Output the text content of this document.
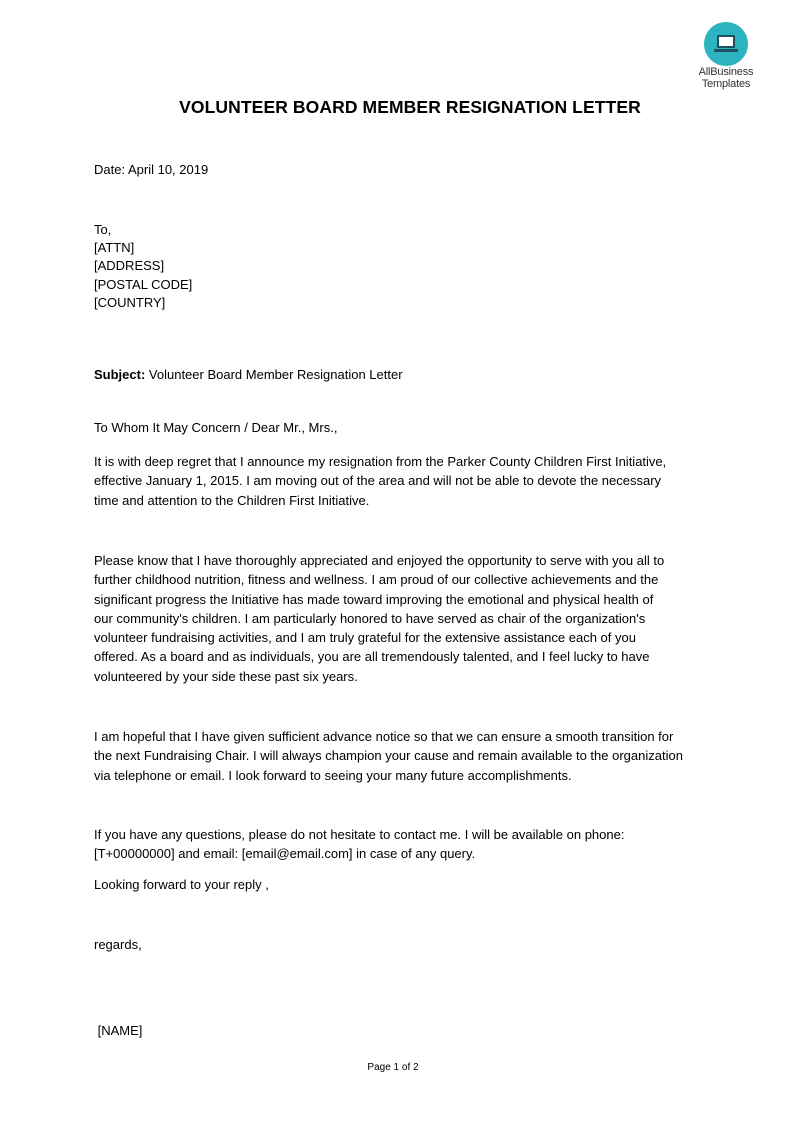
AllBusiness
Templates
VOLUNTEER BOARD MEMBER RESIGNATION LETTER
Date: April 10, 2019
To,
[ATTN]
[ADDRESS]
[POSTAL CODE]
[COUNTRY]
Subject: Volunteer Board Member Resignation Letter
To Whom It May Concern / Dear Mr., Mrs.,
It is with deep regret that I announce my resignation from the Parker County Children First Initiative,
effective January 1, 2015. I am moving out of the area and will not be able to devote the necessary
time and attention to the Children First Initiative.
Please know that I have thoroughly appreciated and enjoyed the opportunity to serve with you all to
further childhood nutrition, fitness and wellness. I am proud of our collective achievements and the
significant progress the Initiative has made toward improving the emotional and physical health of
our community's children. I am particularly honored to have served as chair of the organization's
volunteer fundraising activities, and I am truly grateful for the extensive assistance each of you
offered. As a board and as individuals, you are all tremendously talented, and I feel lucky to have
volunteered by your side these past six years.
I am hopeful that I have given sufficient advance notice so that we can ensure a smooth transition for
the next Fundraising Chair. I will always champion your cause and remain available to the organization
via telephone or email. I look forward to seeing your many future accomplishments.
If you have any questions, please do not hesitate to contact me. I will be available on phone:
[T+00000000] and email: [email@email.com] in case of any query.
Looking forward to your reply ,
regards,

[NAME]

Page 1 of 2
